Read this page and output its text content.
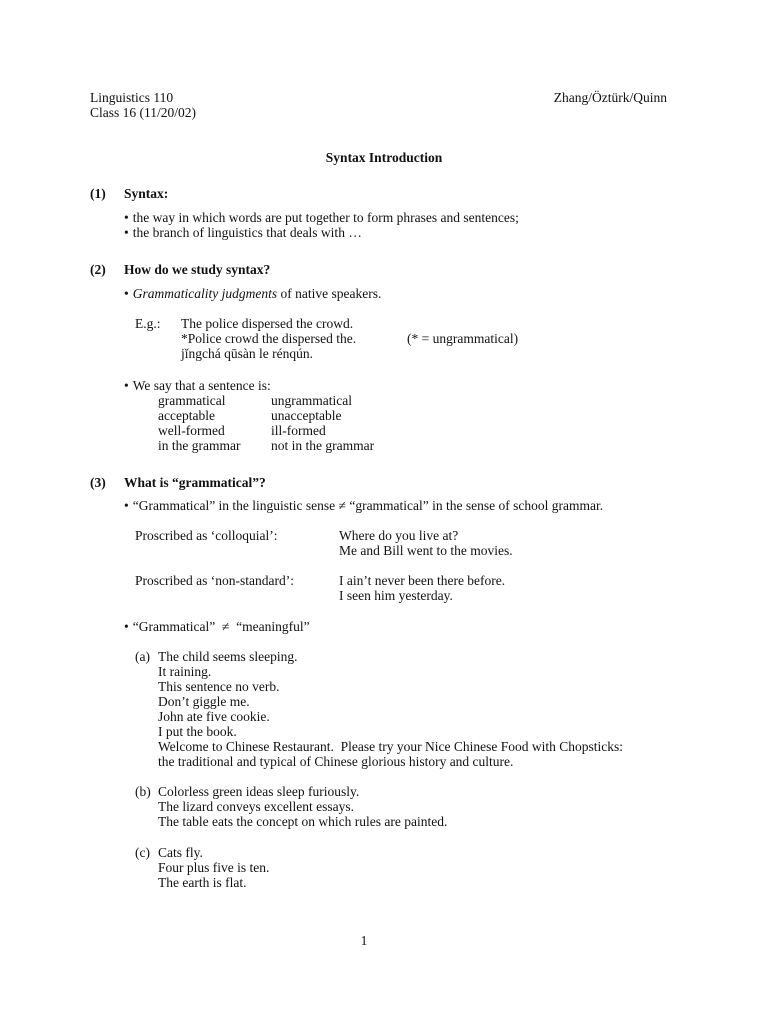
Linguistics 110
Class 16 (11/20/02)
Zhang/Öztürk/Quinn
Syntax Introduction
(1) Syntax:
• the way in which words are put together to form phrases and sentences;
• the branch of linguistics that deals with …
(2) How do we study syntax?
• Grammaticality judgments of native speakers.
E.g.: The police dispersed the crowd.
*Police crowd the dispersed the.
jǐngchá qūsàn le rénqún.
(* = ungrammatical)
• We say that a sentence is:
grammatical
acceptable
well-formed
in the grammar
ungrammatical
unacceptable
ill-formed
not in the grammar
(3) What is “grammatical”?
• “Grammatical” in the linguistic sense ≠ “grammatical” in the sense of school grammar.
Proscribed as ‘colloquial’:	Where do you live at?
Me and Bill went to the movies.
Proscribed as ‘non-standard’:	I ain’t never been there before.
I seen him yesterday.
• “Grammatical”  ≠  “meaningful”
(a) The child seems sleeping.
It raining.
This sentence no verb.
Don’t giggle me.
John ate five cookie.
I put the book.
Welcome to Chinese Restaurant.  Please try your Nice Chinese Food with Chopsticks:
the traditional and typical of Chinese glorious history and culture.
(b) Colorless green ideas sleep furiously.
The lizard conveys excellent essays.
The table eats the concept on which rules are painted.
(c) Cats fly.
Four plus five is ten.
The earth is flat.
1
